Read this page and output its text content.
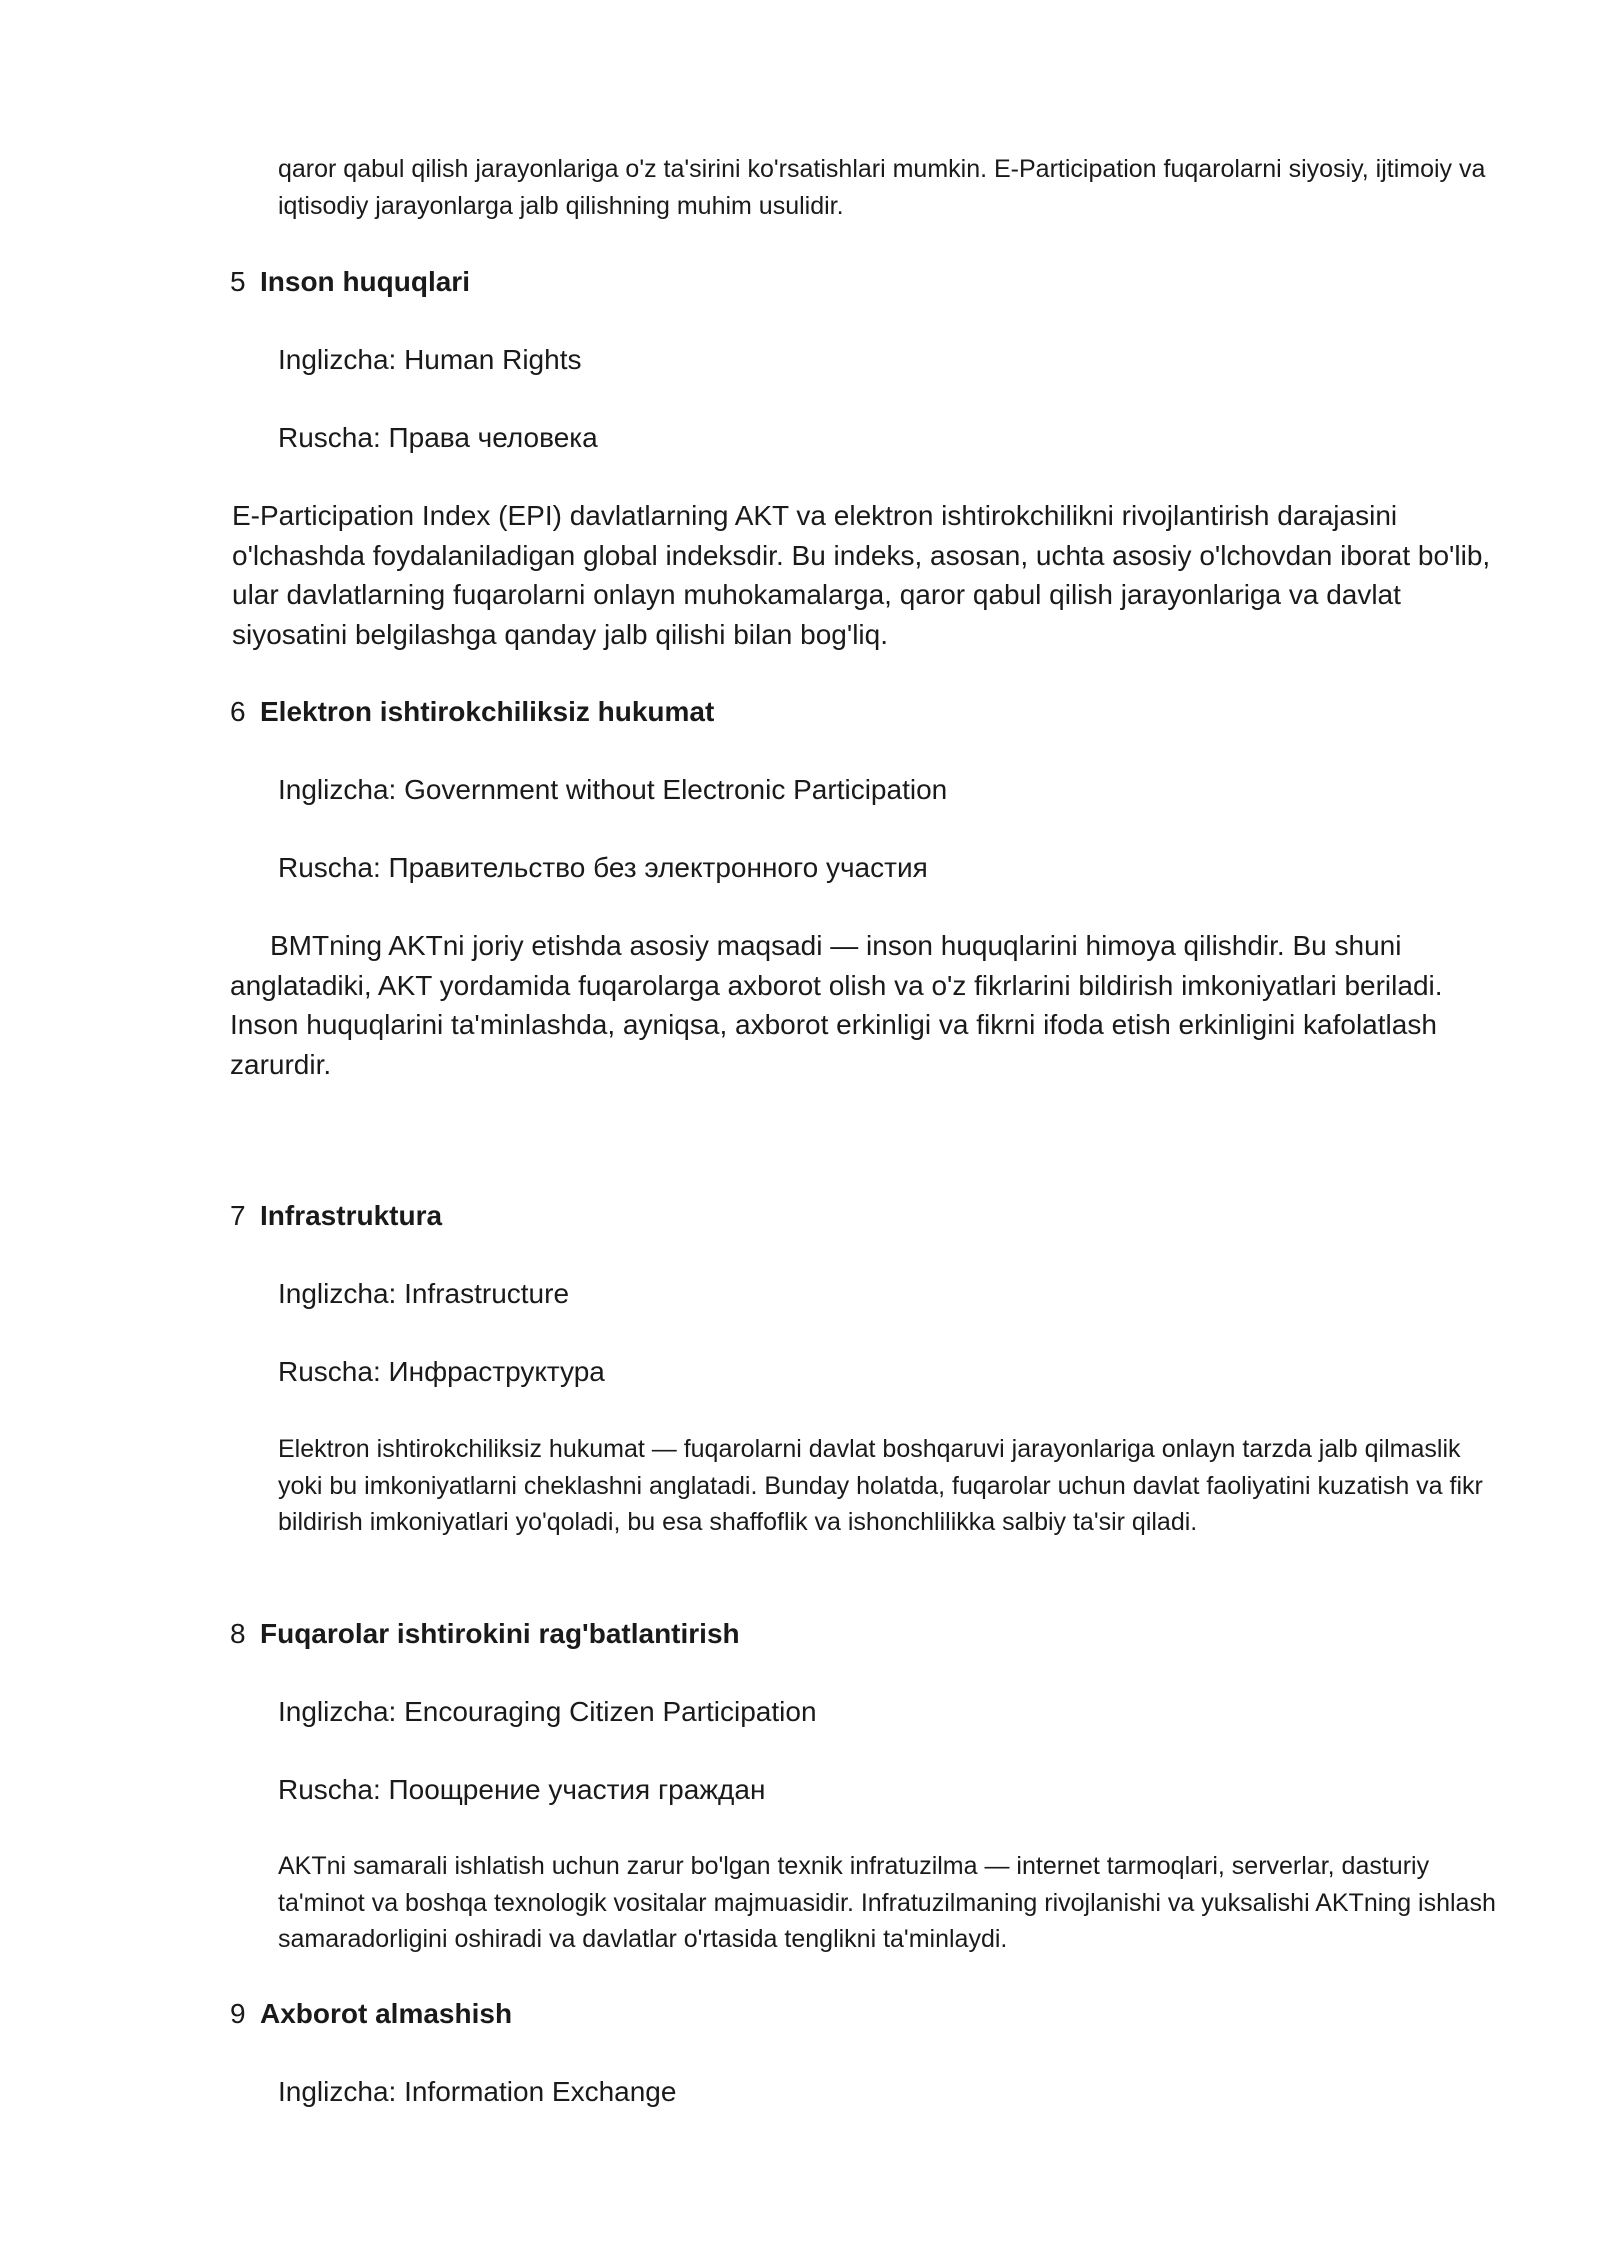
qaror qabul qilish jarayonlariga o'z ta'sirini ko'rsatishlari mumkin. E-Participation fuqarolarni siyosiy, ijtimoiy va iqtisodiy jarayonlarga jalb qilishning muhim usulidir.

5 Inson huquqlari
Inglizcha: Human Rights
Ruscha: Права человека

E-Participation Index (EPI) davlatlarning AKT va elektron ishtirokchilikni rivojlantirish darajasini o'lchashda foydalaniladigan global indeksdir. Bu indeks, asosan, uchta asosiy o'lchovdan iborat bo'lib, ular davlatlarning fuqarolarni onlayn muhokamalarga, qaror qabul qilish jarayonlariga va davlat siyosatini belgilashga qanday jalb qilishi bilan bog'liq.

6 Elektron ishtirokchiliksiz hukumat
Inglizcha: Government without Electronic Participation
Ruscha: Правительство без электронного участия

BMTning AKTni joriy etishda asosiy maqsadi — inson huquqlarini himoya qilishdir. Bu shuni anglatadiki, AKT yordamida fuqarolarga axborot olish va o'z fikrlarini bildirish imkoniyatlari beriladi. Inson huquqlarini ta'minlashda, ayniqsa, axborot erkinligi va fikrni ifoda etish erkinligini kafolatlash zarurdir.

7 Infrastruktura
Inglizcha: Infrastructure
Ruscha: Инфраструктура

Elektron ishtirokchiliksiz hukumat — fuqarolarni davlat boshqaruvi jarayonlariga onlayn tarzda jalb qilmaslik yoki bu imkoniyatlarni cheklashni anglatadi. Bunday holatda, fuqarolar uchun davlat faoliyatini kuzatish va fikr bildirish imkoniyatlari yo'qoladi, bu esa shaffoflik va ishonchlilikka salbiy ta'sir qiladi.

8 Fuqarolar ishtirokini rag'batlantirish
Inglizcha: Encouraging Citizen Participation
Ruscha: Поощрение участия граждан

AKTni samarali ishlatish uchun zarur bo'lgan texnik infratuzilma — internet tarmoqlari, serverlar, dasturiy ta'minot va boshqa texnologik vositalar majmuasidir. Infratuzilmaning rivojlanishi va yuksalishi AKTning ishlash samaradorligini oshiradi va davlatlar o'rtasida tenglikni ta'minlaydi.

9 Axborot almashish
Inglizcha: Information Exchange
